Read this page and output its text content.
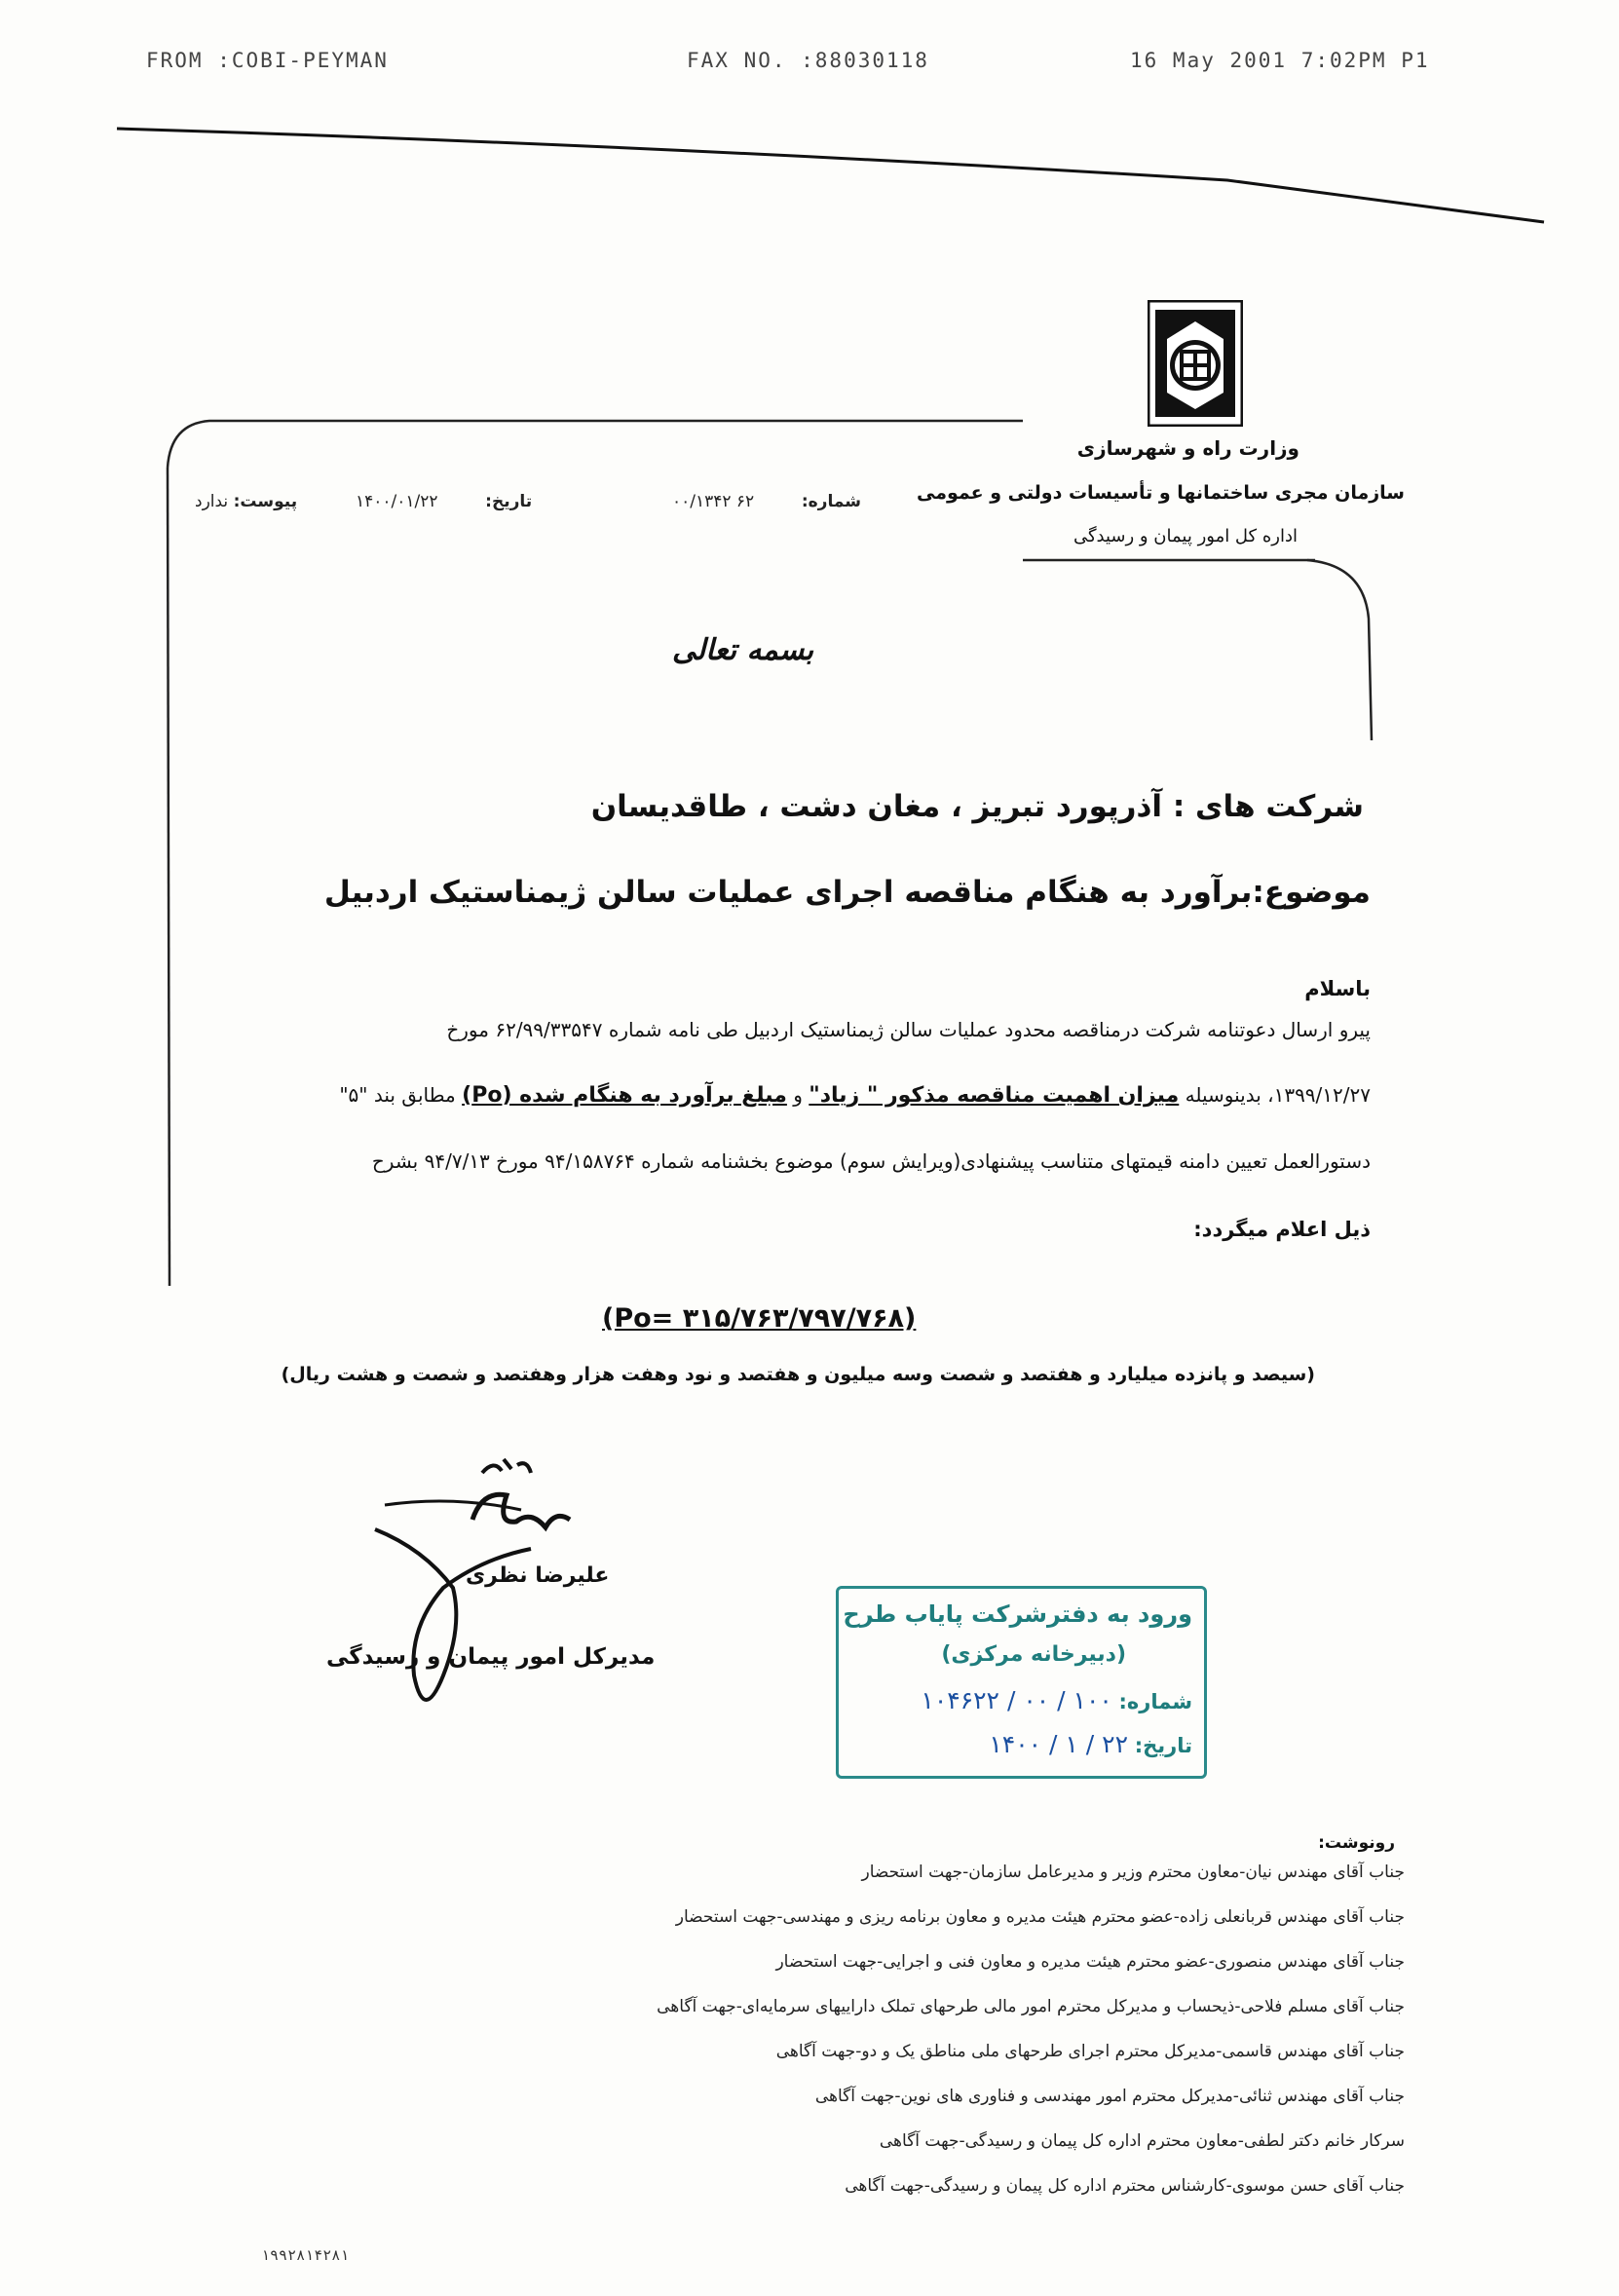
FROM :COBI-PEYMAN	FAX NO. :88030118	16 May 2001 7:02PM P1
وزارت راه و شهرسازی
سازمان مجری ساختمانها و تأسیسات دولتی و عمومی
اداره کل امور پیمان و رسیدگی
پیوست: ندارد	تاریخ:         ۱۴۰۰/۰۱/۲۲	شماره:         ۶۲ ۰۰/۱۳۴۲
بسمه تعالی
شرکت های : آذرپورد تبریز ، مغان دشت ، طاقدیسان
موضوع:برآورد به هنگام مناقصه اجرای عملیات سالن ژیمناستیک اردبیل
باسلام
پیرو ارسال دعوتنامه شرکت درمناقصه محدود عملیات سالن ژیمناستیک اردبیل طی نامه شماره ۶۲/۹۹/۳۳۵۴۷ مورخ
۱۳۹۹/۱۲/۲۷، بدینوسیله میزان اهمیت مناقصه مذکور " زیاد" و مبلغ برآورد به هنگام شده (Po) مطابق بند "۵"
دستورالعمل تعیین دامنه قیمتهای متناسب پیشنهادی(ویرایش سوم) موضوع بخشنامه شماره ۹۴/۱۵۸۷۶۴ مورخ ۹۴/۷/۱۳ بشرح
ذیل اعلام میگردد:
(Po= ۳۱۵/۷۶۳/۷۹۷/۷۶۸)
(سیصد و پانزده میلیارد و هفتصد و شصت وسه میلیون و هفتصد و نود وهفت هزار وهفتصد و شصت و هشت ریال)
علیرضا نظری
مدیرکل امور پیمان و رسیدگی
ورود به دفترشرکت پایاب طرح
(دبیرخانه مرکزی)
شماره: ۱۰۰ / ۰۰ / ۱۰۴۶۲۲
تاریخ: ۲۲ / ۱ / ۱۴۰۰
رونوشت:
جناب آقای مهندس نیان-معاون محترم وزیر و مدیرعامل سازمان-جهت استحضار
جناب آقای مهندس قربانعلی زاده-عضو محترم هیئت مدیره و معاون برنامه ریزی و مهندسی-جهت استحضار
جناب آقای مهندس منصوری-عضو محترم هیئت مدیره و معاون فنی و اجرایی-جهت استحضار
جناب آقای مسلم فلاحی-ذیحساب و مدیرکل محترم امور مالی طرحهای تملک داراییهای سرمایه‌ای-جهت آگاهی
جناب آقای مهندس قاسمی-مدیرکل محترم اجرای طرحهای ملی مناطق یک و دو-جهت آگاهی
جناب آقای مهندس ثنائی-مدیرکل محترم امور مهندسی و فناوری های نوین-جهت آگاهی
سرکار خانم دکتر لطفی-معاون محترم اداره کل پیمان و رسیدگی-جهت آگاهی
جناب آقای حسن موسوی-کارشناس محترم اداره کل پیمان و رسیدگی-جهت آگاهی
۱۹۹۲۸۱۴۲۸۱
